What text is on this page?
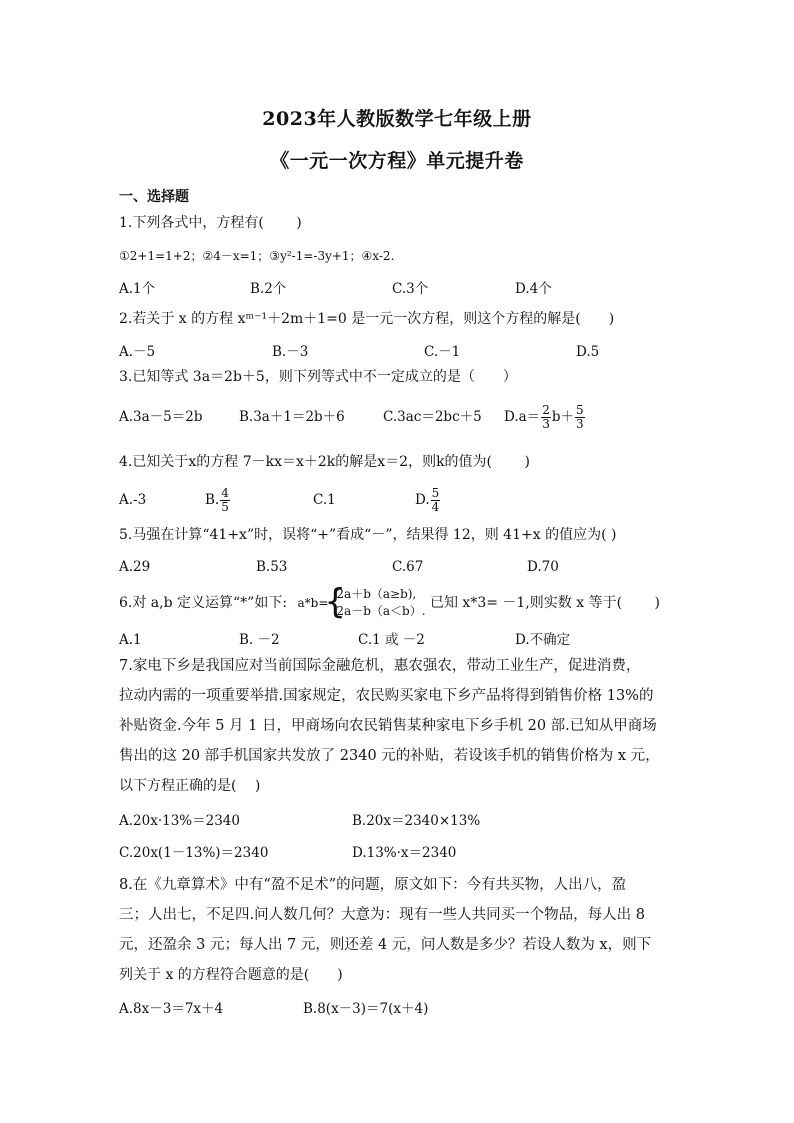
2023年人教版数学七年级上册
《一元一次方程》单元提升卷
一、选择题
1.下列各式中，方程有(　　 )
①2+1=1+2；②4－x=1；③y²-1=-3y+1；④x-2.
A.1个	B.2个	C.3个	D.4个
2.若关于 x 的方程 xᵐ⁻¹＋2m＋1=0 是一元一次方程，则这个方程的解是(　　)
A.－5	B.－3	C.－1	D.5
3.已知等式 3a＝2b＋5，则下列等式中不一定成立的是（　　）
A.3a－5＝2b	B.3a＋1＝2b＋6	C.3ac＝2bc＋5 $D.a= \frac{2}{3} b+ \frac{5}{3}$
4.已知关于x的方程 7－kx＝x＋2k的解是x＝2，则k的值为(　　 )
A.-3	B. $\frac{4}{5}$	C.1	D. $\frac{5}{4}$
5.马强在计算“41+x”时，误将“+”看成“－”，结果得 12，则 41+x 的值应为( )
A.29	B.53	C.67	D.70
6.对 a,b 定义运算“*”如下: a*b=
{
2a＋b（a≥b),
2a－b（a＜b）. 已知 x*3= －1,则实数 x 等于(　　 )
A.1	B. －2	C.1 或 －2	D.不确定
7.家电下乡是我国应对当前国际金融危机，惠农强农，带动工业生产，促进消费，
拉动内需的一项重要举措.国家规定，农民购买家电下乡产品将得到销售价格 13%的
补贴资金.今年 5 月 1 日，甲商场向农民销售某种家电下乡手机 20 部.已知从甲商场
售出的这 20 部手机国家共发放了 2340 元的补贴，若设该手机的销售价格为 x 元，
以下方程正确的是(　 )
A.20x·13%＝2340	B.20x＝2340×13%
C.20x(1－13%)＝2340	D.13%·x＝2340
8.在《九章算术》中有“盈不足术”的问题，原文如下：今有共买物，人出八，盈
三；人出七，不足四.问人数几何？大意为：现有一些人共同买一个物品，每人出 8
元，还盈余 3 元；每人出 7 元，则还差 4 元，问人数是多少？若设人数为 x，则下
列关于 x 的方程符合题意的是(　　)
A.8x－3＝7x＋4	B.8(x－3)＝7(x＋4)
